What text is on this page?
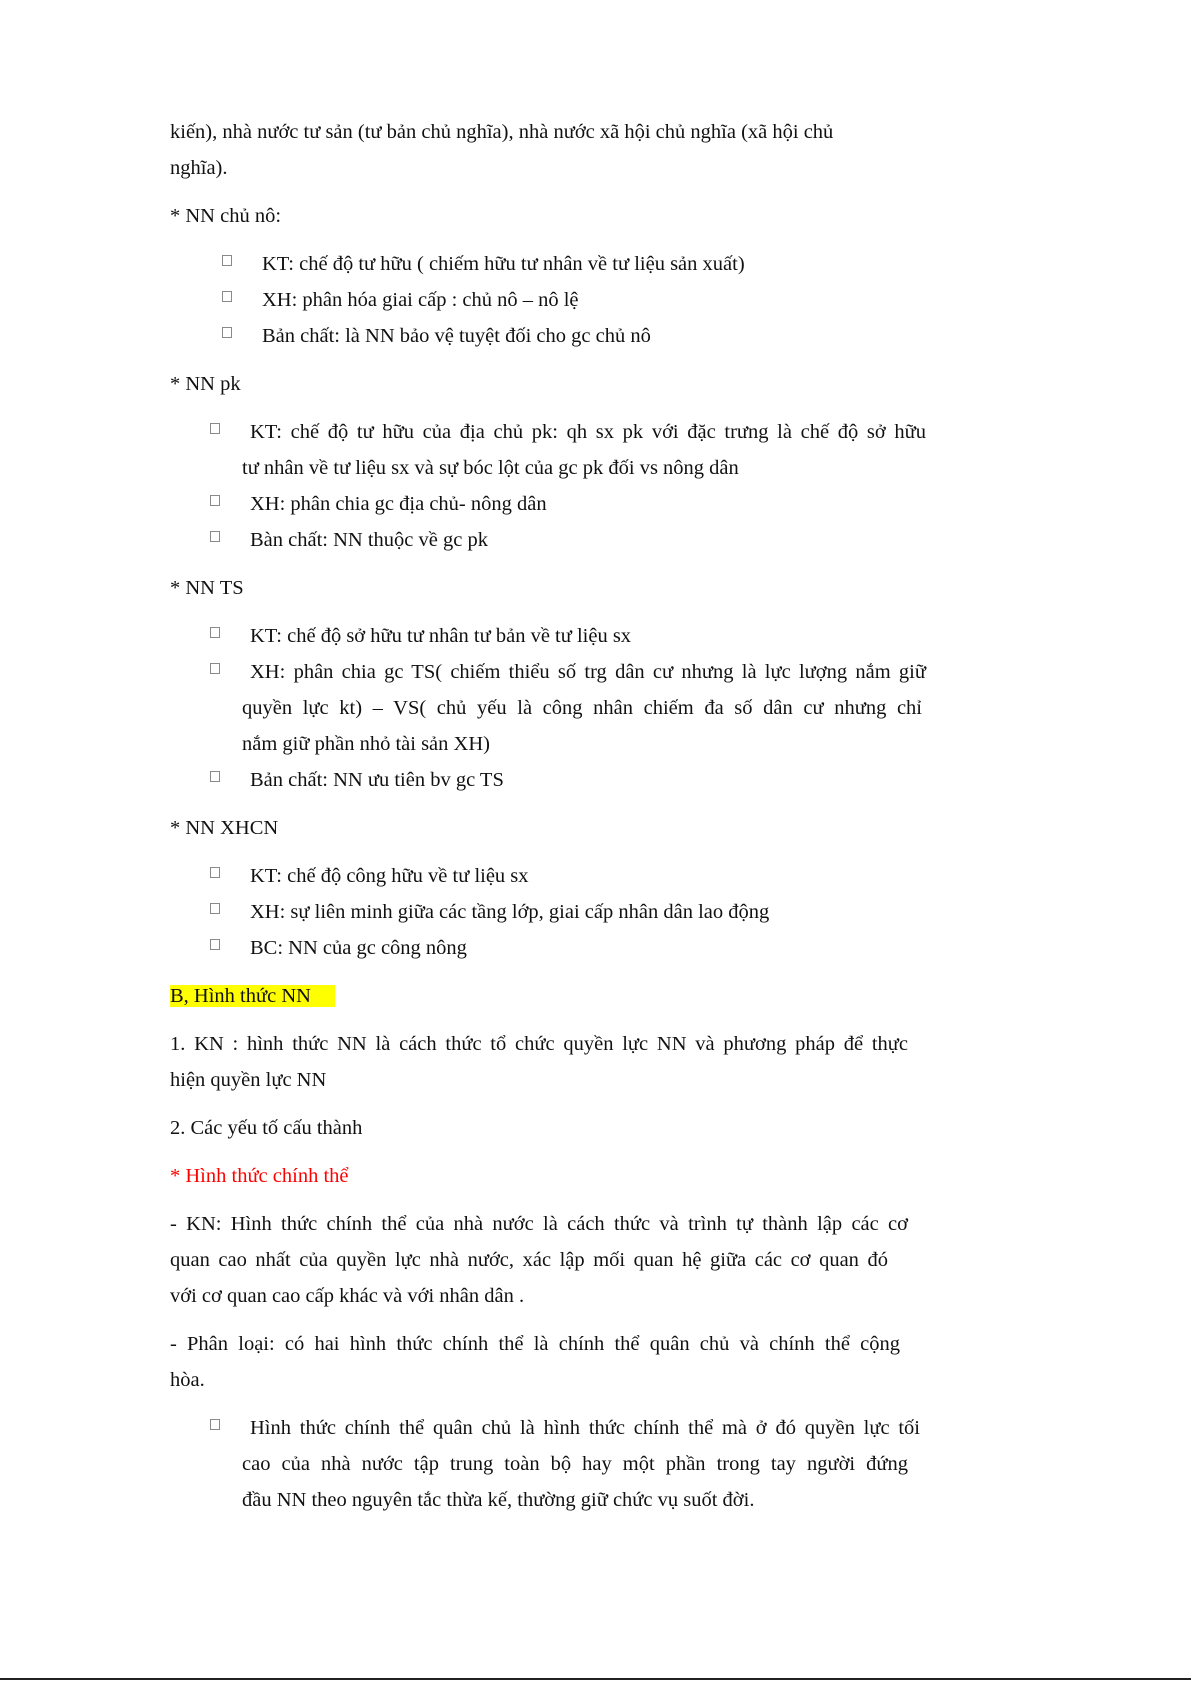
kiến), nhà nước tư sản (tư bản chủ nghĩa), nhà nước xã hội chủ nghĩa (xã hội chủ
nghĩa).
* NN chủ nô:
KT: chế độ tư hữu ( chiếm hữu tư nhân về tư liệu sản xuất)
XH: phân hóa giai cấp : chủ nô – nô lệ
Bản chất: là NN bảo vệ tuyệt đối cho gc chủ nô
* NN pk
KT: chế độ tư hữu của địa chủ pk: qh sx pk với đặc trưng là chế độ sở hữu
tư nhân về tư liệu sx và sự bóc lột của gc pk đối vs nông dân
XH: phân chia gc địa chủ- nông dân
Bàn chất: NN thuộc về gc pk
* NN TS
KT: chế độ sở hữu tư nhân tư bản về tư liệu sx
XH: phân chia gc TS( chiếm thiểu số trg dân cư nhưng là lực lượng nắm giữ
quyền lực kt) – VS( chủ yếu là công nhân chiếm đa số dân cư nhưng chỉ
nắm giữ phần nhỏ tài sản XH)
Bản chất: NN ưu tiên bv gc TS
* NN XHCN
KT: chế độ công hữu về tư liệu sx
XH: sự liên minh giữa các tầng lớp, giai cấp nhân dân lao động
BC: NN của gc công nông
B, Hình thức NN
1. KN : hình thức NN là cách thức tổ chức quyền lực NN và phương pháp để thực
hiện quyền lực NN
2. Các yếu tố cấu thành
* Hình thức chính thể
- KN: Hình thức chính thể của nhà nước là cách thức và trình tự thành lập các cơ
quan cao nhất của quyền lực nhà nước, xác lập mối quan hệ giữa các cơ quan đó
với cơ quan cao cấp khác và với nhân dân .
- Phân loại: có hai hình thức chính thể là chính thể quân chủ và chính thể cộng
hòa.
Hình thức chính thể quân chủ là hình thức chính thể mà ở đó quyền lực tối
cao của nhà nước tập trung toàn bộ hay một phần trong tay người đứng
đầu NN theo nguyên tắc thừa kế, thường giữ chức vụ suốt đời.
